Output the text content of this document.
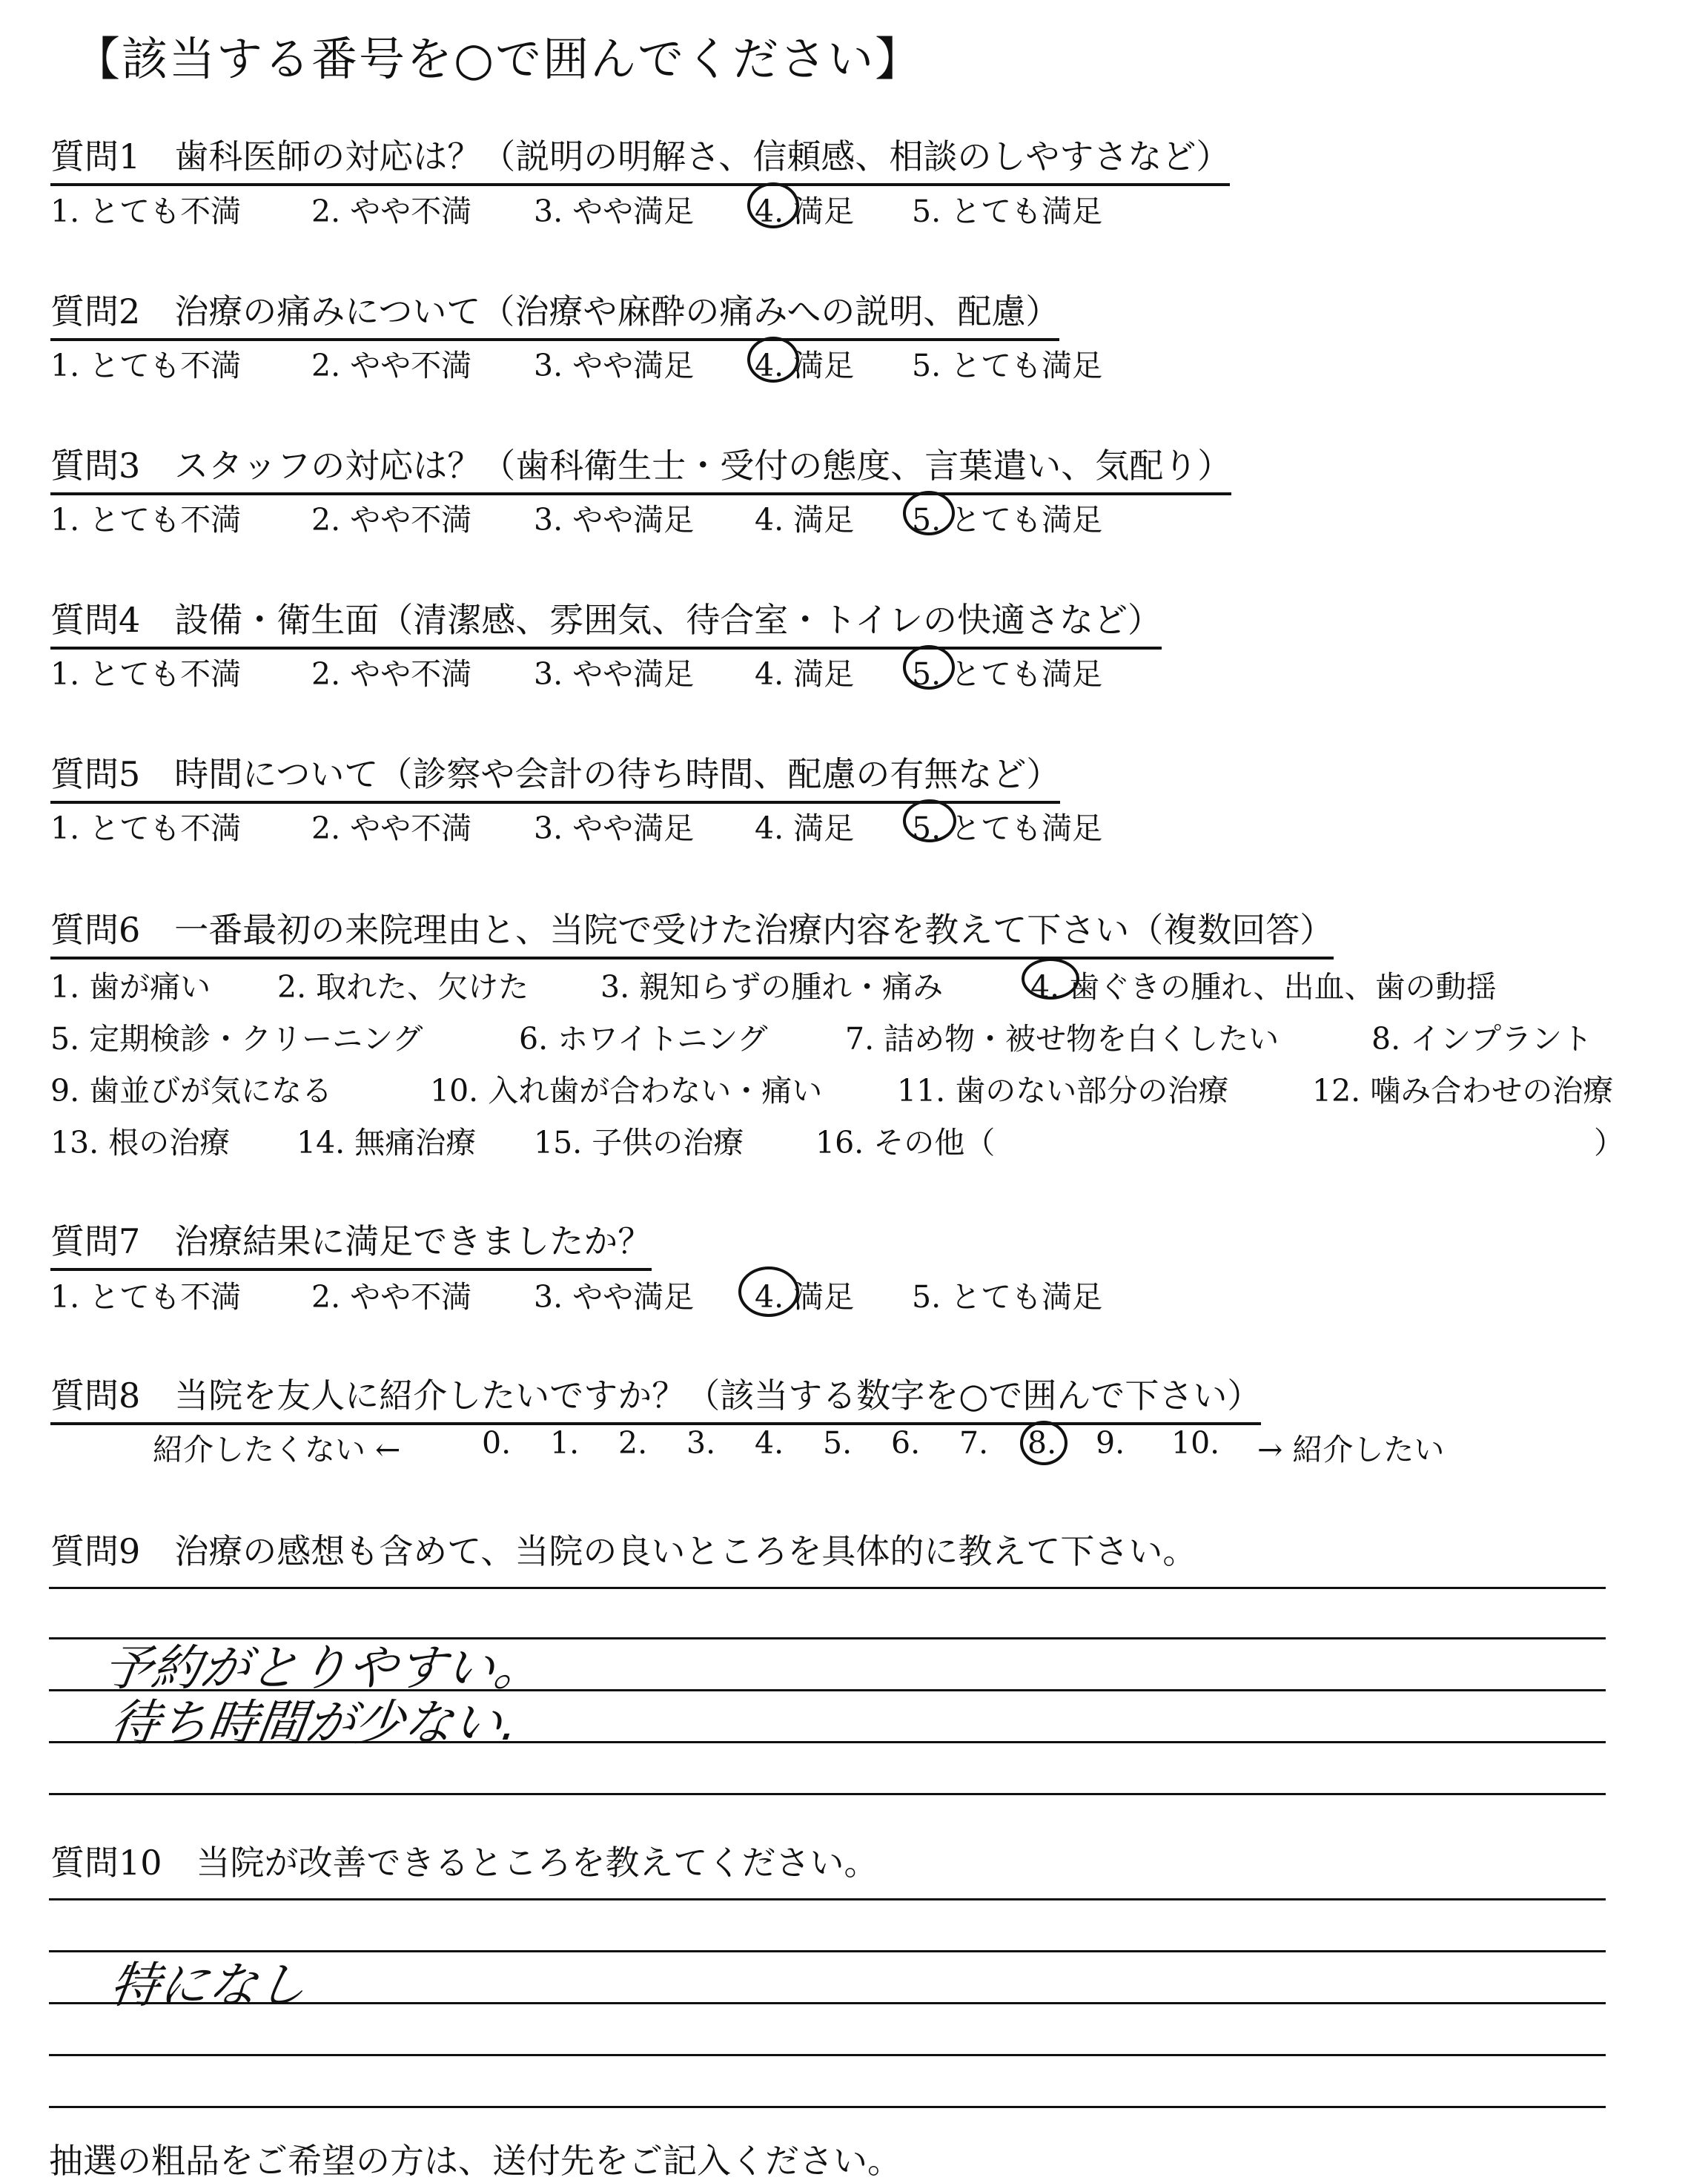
【該当する番号を○で囲んでください】
質問1　歯科医師の対応は？（説明の明解さ、信頼感、相談のしやすさなど）
1. とても不満 2. やや不満 3. やや満足 4. 満足 5. とても満足
質問2　治療の痛みについて（治療や麻酔の痛みへの説明、配慮）
1. とても不満 2. やや不満 3. やや満足 4. 満足 5. とても満足
質問3　スタッフの対応は？（歯科衛生士・受付の態度、言葉遣い、気配り）
1. とても不満 2. やや不満 3. やや満足 4. 満足 5. とても満足
質問4　設備・衛生面（清潔感、雰囲気、待合室・トイレの快適さなど）
1. とても不満 2. やや不満 3. やや満足 4. 満足 5. とても満足
質問5　時間について（診察や会計の待ち時間、配慮の有無など）
1. とても不満 2. やや不満 3. やや満足 4. 満足 5. とても満足
質問6　一番最初の来院理由と、当院で受けた治療内容を教えて下さい（複数回答）
1. 歯が痛い 2. 取れた、欠けた 3. 親知らずの腫れ・痛み	4. 歯ぐきの腫れ、出血、歯の動揺
5. 定期検診・クリーニング	6. ホワイトニング	7. 詰め物・被せ物を白くしたい	8. インプラント
9. 歯並びが気になる	10. 入れ歯が合わない・痛い 11. 歯のない部分の治療	12. 噛み合わせの治療
13. 根の治療 14. 無痛治療 15. 子供の治療 16. その他（	）
質問7　治療結果に満足できましたか？
1. とても不満 2. やや不満 3. やや満足 4. 満足 5. とても満足
質問8　当院を友人に紹介したいですか？（該当する数字を○で囲んで下さい）
紹介したくない ←	0. 1. 2. 3. 4. 5. 6. 7. 8. 9. 10. → 紹介したい
質問9　治療の感想も含めて、当院の良いところを具体的に教えて下さい。
予約がとりやすい。
待ち時間が少ない.
質問10　当院が改善できるところを教えてください。
特になし
抽選の粗品をご希望の方は、送付先をご記入ください。
